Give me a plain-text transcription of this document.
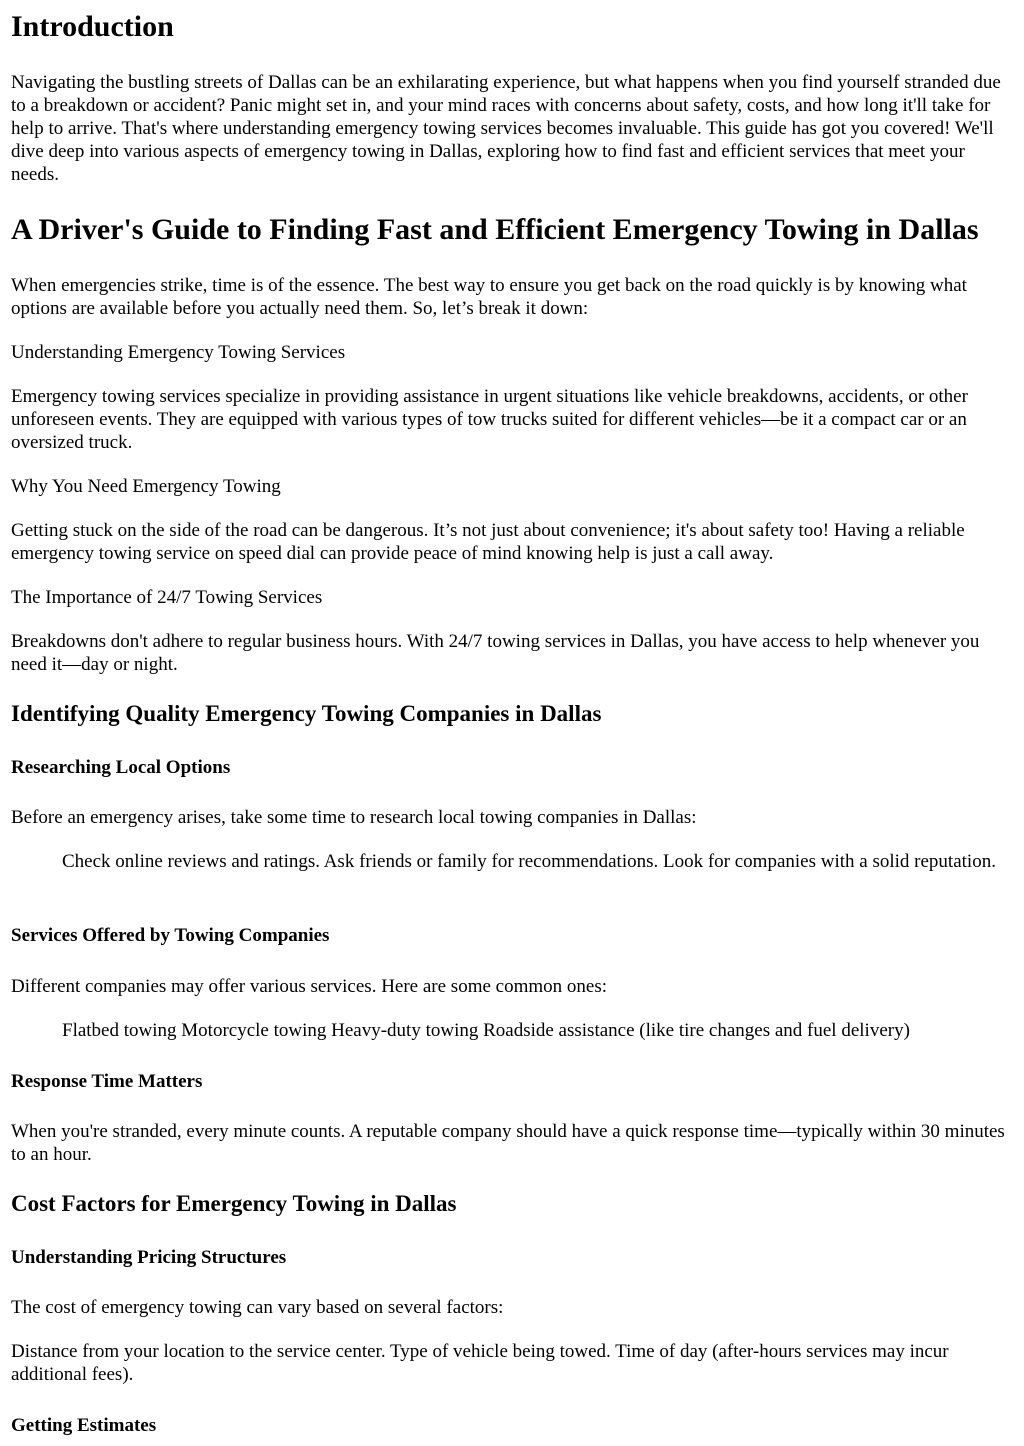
Introduction

Navigating the bustling streets of Dallas can be an exhilarating experience, but what happens when you find yourself stranded due to a breakdown or accident? Panic might set in, and your mind races with concerns about safety, costs, and how long it'll take for help to arrive. That's where understanding emergency towing services becomes invaluable. This guide has got you covered! We'll dive deep into various aspects of emergency towing in Dallas, exploring how to find fast and efficient services that meet your needs.

A Driver's Guide to Finding Fast and Efficient Emergency Towing in Dallas

When emergencies strike, time is of the essence. The best way to ensure you get back on the road quickly is by knowing what options are available before you actually need them. So, let’s break it down:

Understanding Emergency Towing Services

Emergency towing services specialize in providing assistance in urgent situations like vehicle breakdowns, accidents, or other unforeseen events. They are equipped with various types of tow trucks suited for different vehicles—be it a compact car or an oversized truck.

Why You Need Emergency Towing

Getting stuck on the side of the road can be dangerous. It’s not just about convenience; it's about safety too! Having a reliable emergency towing service on speed dial can provide peace of mind knowing help is just a call away.

The Importance of 24/7 Towing Services

Breakdowns don't adhere to regular business hours. With 24/7 towing services in Dallas, you have access to help whenever you need it—day or night.

Identifying Quality Emergency Towing Companies in Dallas
Researching Local Options

Before an emergency arises, take some time to research local towing companies in Dallas:

Check online reviews and ratings. Ask friends or family for recommendations. Look for companies with a solid reputation.

Services Offered by Towing Companies

Different companies may offer various services. Here are some common ones:

Flatbed towing Motorcycle towing Heavy-duty towing Roadside assistance (like tire changes and fuel delivery)

Response Time Matters

When you're stranded, every minute counts. A reputable company should have a quick response time—typically within 30 minutes to an hour.

Cost Factors for Emergency Towing in Dallas
Understanding Pricing Structures

The cost of emergency towing can vary based on several factors:

Distance from your location to the service center. Type of vehicle being towed. Time of day (after-hours services may incur additional fees).

Getting Estimates
